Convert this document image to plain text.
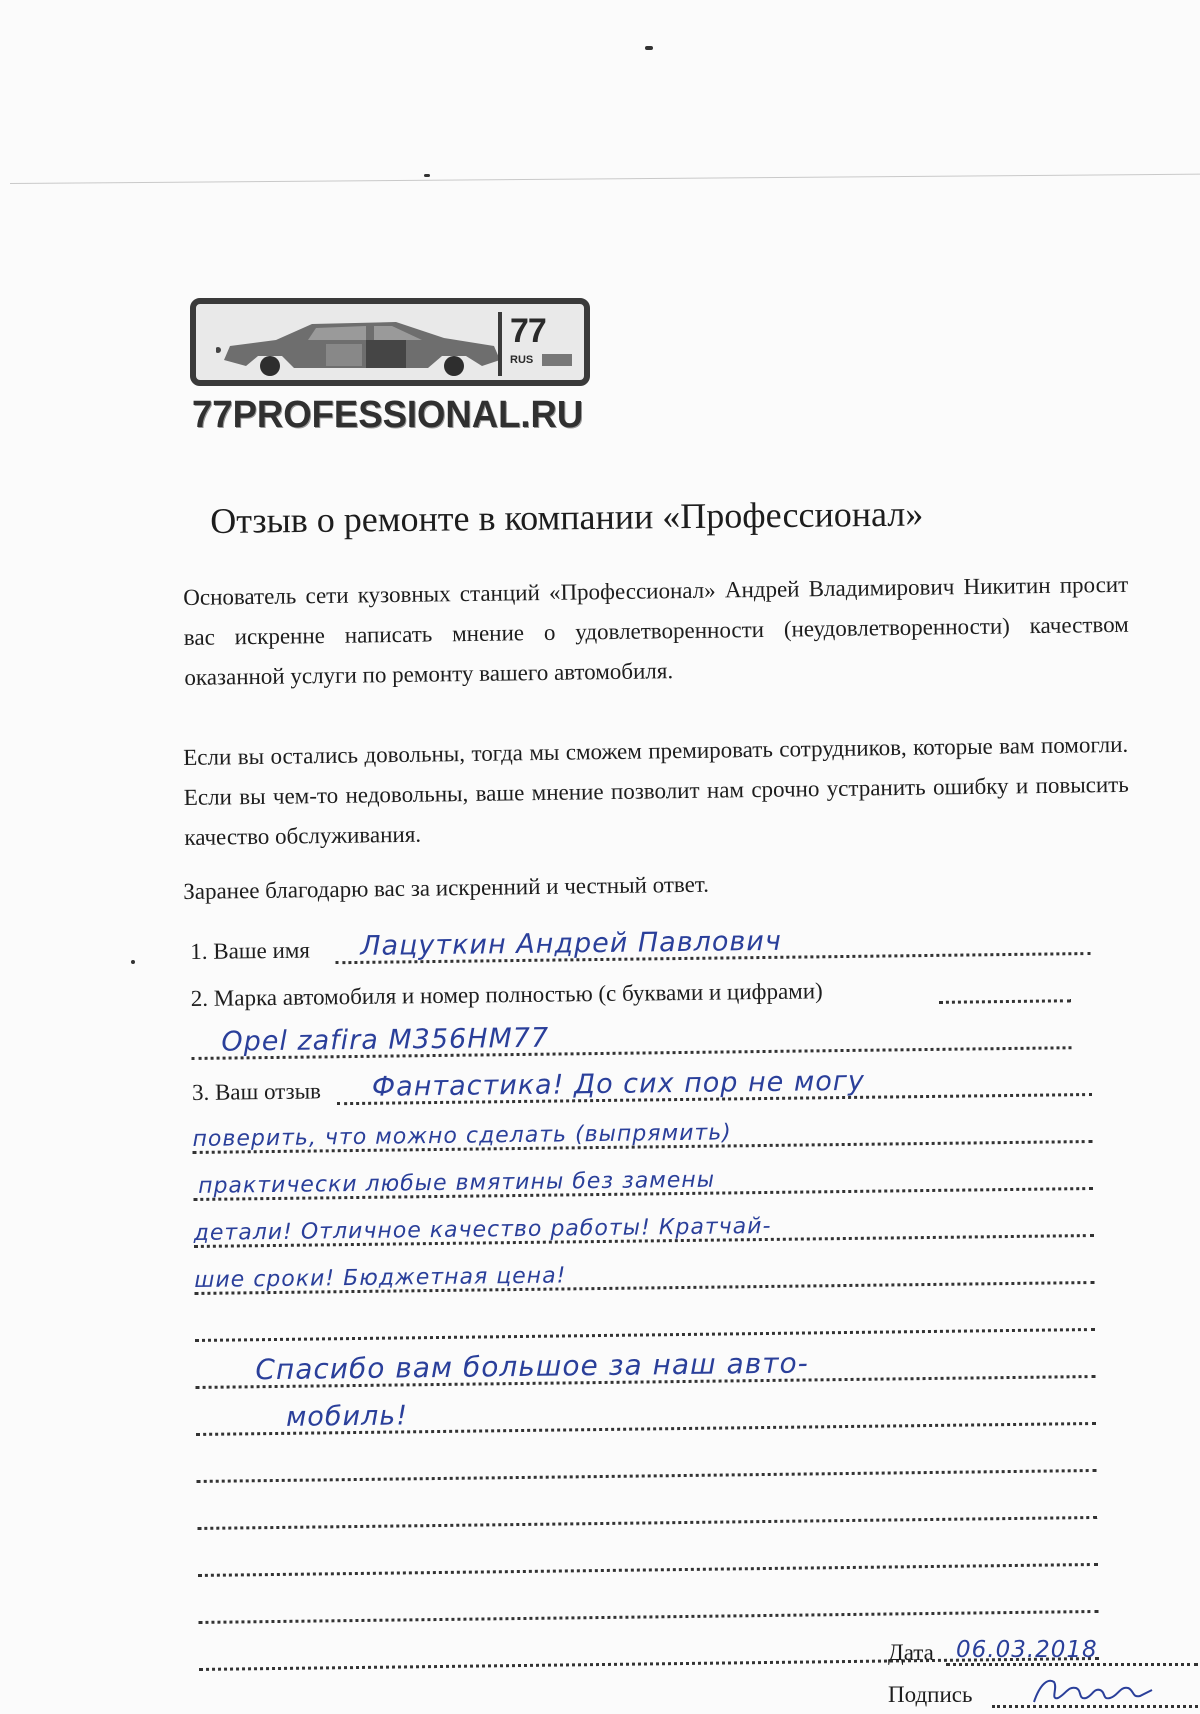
77
RUS
77PROFESSIONAL.RU
Отзыв о ремонте в компании «Профессионал»
Основатель сети кузовных станций «Профессионал» Андрей Владимирович Никитин просит вас искренне написать мнение о удовлетворенности (неудовлетворенности) качеством оказанной услуги по ремонту вашего автомобиля.
Если вы остались довольны, тогда мы сможем премировать сотрудников, которые вам помогли. Если вы чем-то недовольны, ваше мнение позволит нам срочно устранить ошибку и повысить качество обслуживания.
Заранее благодарю вас за искренний и честный ответ.
1. Ваше имя Лацуткин Андрей Павлович
2. Марка автомобиля и номер полностью (с буквами и цифрами)
Opel zafira М356НМ77
3. Ваш отзыв Фантастика! До сих пор не могу
поверить, что можно сделать (выпрямить)
практически любые вмятины без замены
детали! Отличное качество работы! Кратчай-
шие сроки! Бюджетная цена!
Спасибо вам большое за наш авто-
мобиль!
Дата 06.03.2018
Подпись
